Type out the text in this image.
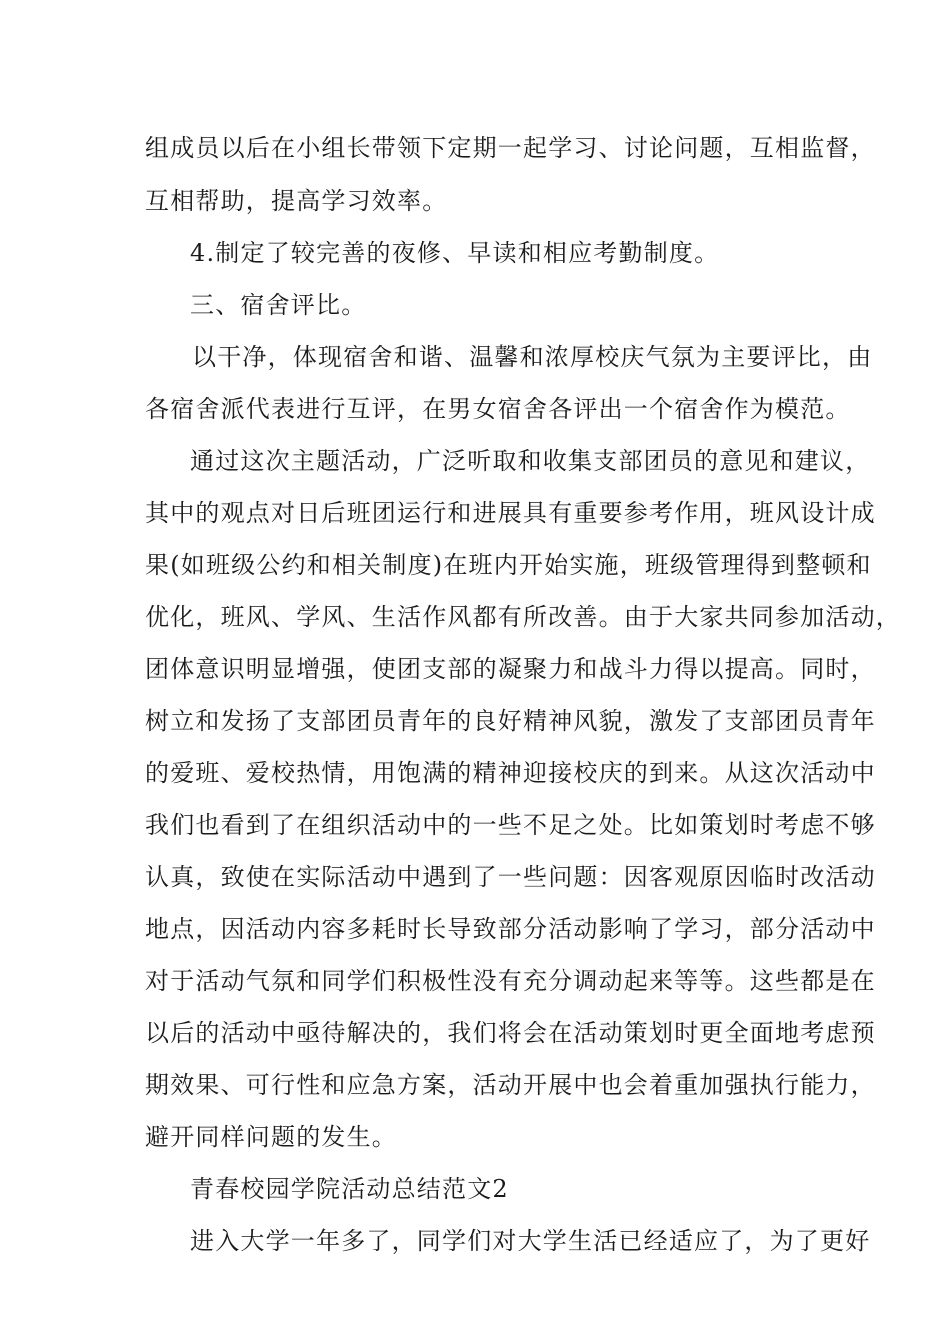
组成员以后在小组长带领下定期一起学习、讨论问题，互相监督，
互相帮助，提高学习效率。
4.制定了较完善的夜修、早读和相应考勤制度。
三、宿舍评比。
以干净，体现宿舍和谐、温馨和浓厚校庆气氛为主要评比，由
各宿舍派代表进行互评，在男女宿舍各评出一个宿舍作为模范。
通过这次主题活动，广泛听取和收集支部团员的意见和建议，
其中的观点对日后班团运行和进展具有重要参考作用，班风设计成
果(如班级公约和相关制度)在班内开始实施，班级管理得到整顿和
优化，班风、学风、生活作风都有所改善。由于大家共同参加活动，
团体意识明显增强，使团支部的凝聚力和战斗力得以提高。同时，
树立和发扬了支部团员青年的良好精神风貌，激发了支部团员青年
的爱班、爱校热情，用饱满的精神迎接校庆的到来。从这次活动中
我们也看到了在组织活动中的一些不足之处。比如策划时考虑不够
认真，致使在实际活动中遇到了一些问题：因客观原因临时改活动
地点，因活动内容多耗时长导致部分活动影响了学习，部分活动中
对于活动气氛和同学们积极性没有充分调动起来等等。这些都是在
以后的活动中亟待解决的，我们将会在活动策划时更全面地考虑预
期效果、可行性和应急方案，活动开展中也会着重加强执行能力，
避开同样问题的发生。
青春校园学院活动总结范文2
进入大学一年多了，同学们对大学生活已经适应了，为了更好
